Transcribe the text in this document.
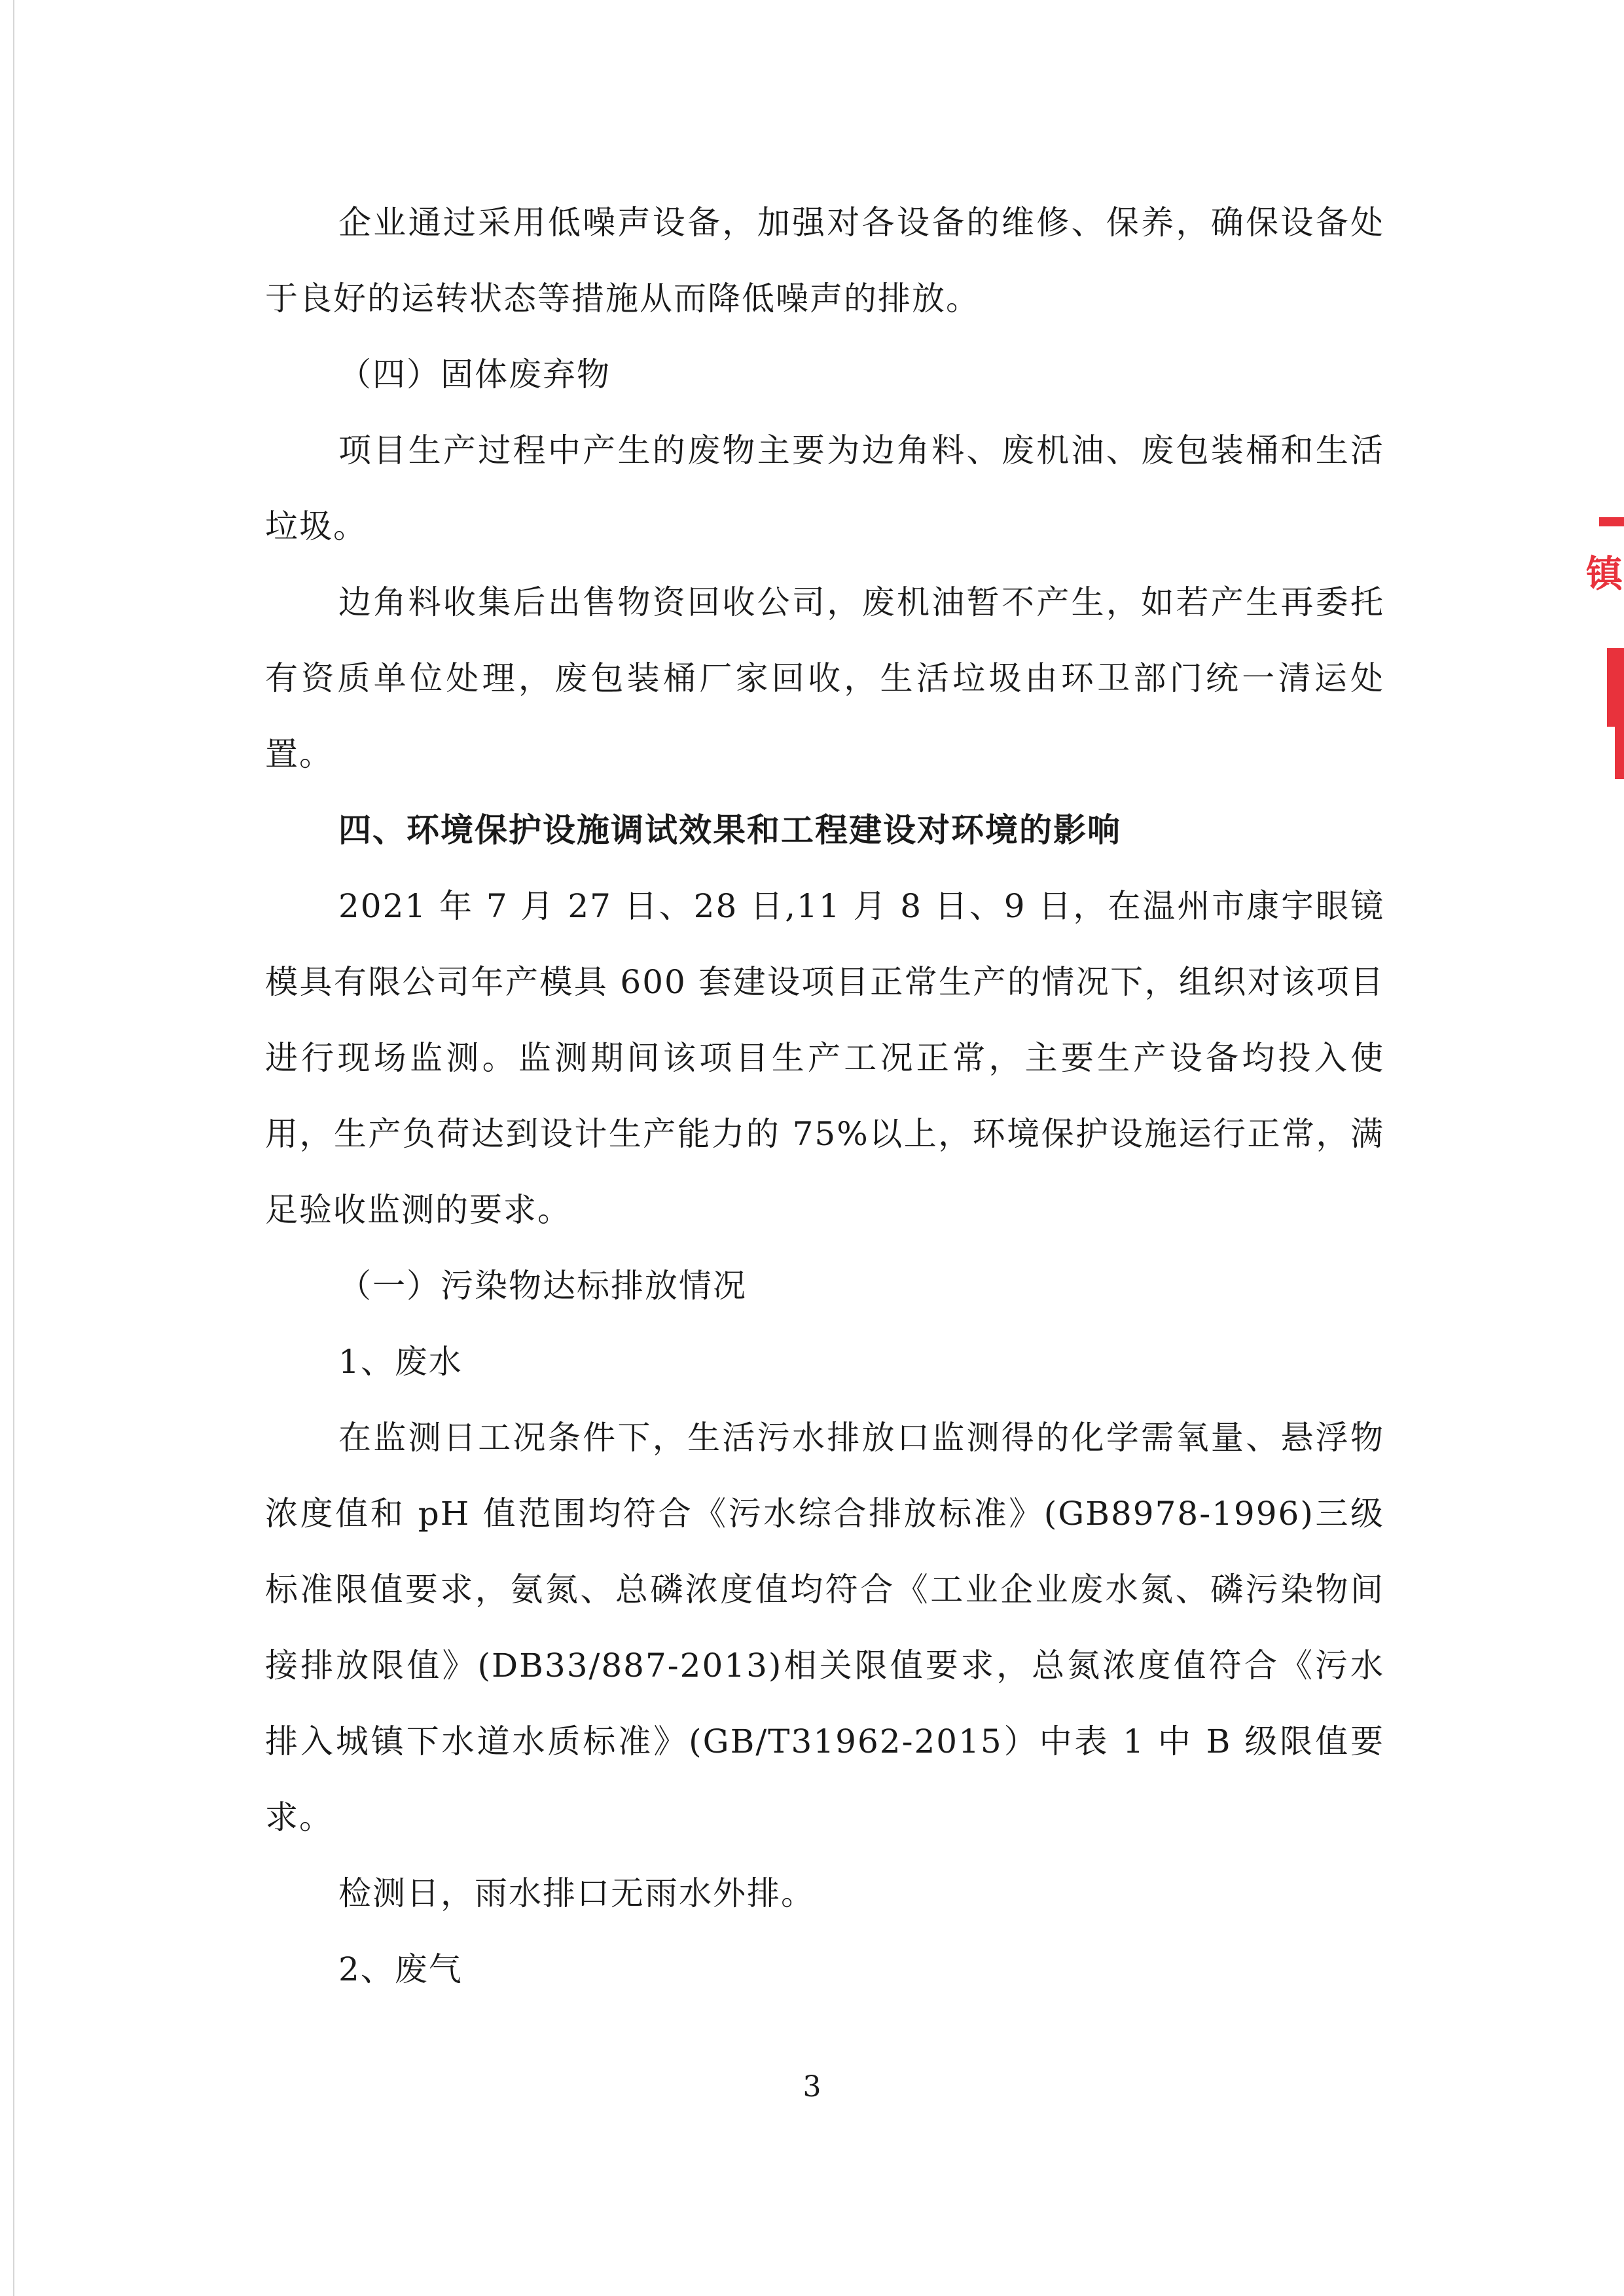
企业通过采用低噪声设备，加强对各设备的维修、保养，确保设备处于良好的运转状态等措施从而降低噪声的排放。

（四）固体废弃物

项目生产过程中产生的废物主要为边角料、废机油、废包装桶和生活垃圾。

边角料收集后出售物资回收公司，废机油暂不产生，如若产生再委托有资质单位处理，废包装桶厂家回收，生活垃圾由环卫部门统一清运处置。

四、环境保护设施调试效果和工程建设对环境的影响

2021 年 7 月 27 日、28 日,11 月 8 日、9 日，在温州市康宇眼镜模具有限公司年产模具 600 套建设项目正常生产的情况下，组织对该项目进行现场监测。监测期间该项目生产工况正常，主要生产设备均投入使用，生产负荷达到设计生产能力的 75%以上，环境保护设施运行正常，满足验收监测的要求。

（一）污染物达标排放情况

1、废水

在监测日工况条件下，生活污水排放口监测得的化学需氧量、悬浮物浓度值和 pH 值范围均符合《污水综合排放标准》(GB8978-1996)三级标准限值要求，氨氮、总磷浓度值均符合《工业企业废水氮、磷污染物间接排放限值》(DB33/887-2013)相关限值要求，总氮浓度值符合《污水排入城镇下水道水质标准》(GB/T31962-2015）中表 1 中 B 级限值要求。

检测日，雨水排口无雨水外排。

2、废气

3
镇
